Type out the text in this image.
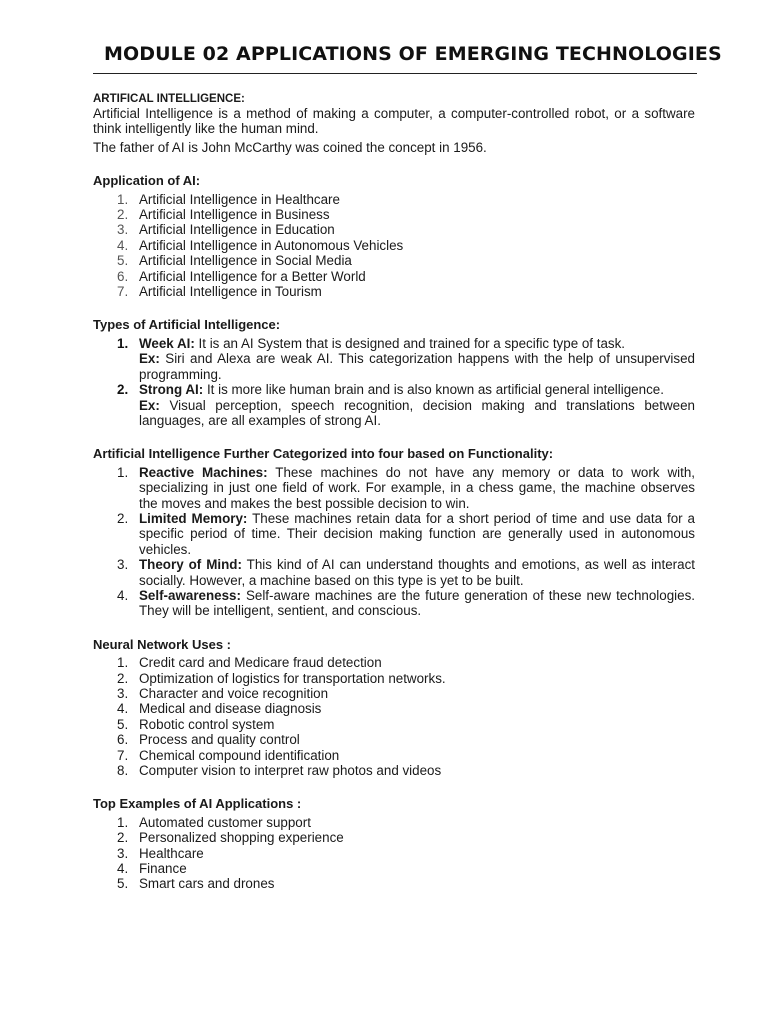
MODULE 02 APPLICATIONS OF EMERGING TECHNOLOGIES

ARTIFICAL INTELLIGENCE:

Artificial Intelligence is a method of making a computer, a computer-controlled robot, or a software think intelligently like the human mind.

The father of AI is John McCarthy was coined the concept in 1956.

Application of AI:

1. Artificial Intelligence in Healthcare
2. Artificial Intelligence in Business
3. Artificial Intelligence in Education
4. Artificial Intelligence in Autonomous Vehicles
5. Artificial Intelligence in Social Media
6. Artificial Intelligence for a Better World
7. Artificial Intelligence in Tourism

Types of Artificial Intelligence:

1. Week AI: It is an AI System that is designed and trained for a specific type of task.
Ex: Siri and Alexa are weak AI. This categorization happens with the help of unsupervised programming.
2. Strong AI: It is more like human brain and is also known as artificial general intelligence.
Ex: Visual perception, speech recognition, decision making and translations between languages, are all examples of strong AI.

Artificial Intelligence Further Categorized into four based on Functionality:

1. Reactive Machines: These machines do not have any memory or data to work with, specializing in just one field of work. For example, in a chess game, the machine observes the moves and makes the best possible decision to win.
2. Limited Memory: These machines retain data for a short period of time and use data for a specific period of time. Their decision making function are generally used in autonomous vehicles.
3. Theory of Mind: This kind of AI can understand thoughts and emotions, as well as interact socially. However, a machine based on this type is yet to be built.
4. Self-awareness: Self-aware machines are the future generation of these new technologies. They will be intelligent, sentient, and conscious.

Neural Network Uses :

1. Credit card and Medicare fraud detection
2. Optimization of logistics for transportation networks.
3. Character and voice recognition
4. Medical and disease diagnosis
5. Robotic control system
6. Process and quality control
7. Chemical compound identification
8. Computer vision to interpret raw photos and videos

Top Examples of AI Applications :

1. Automated customer support
2. Personalized shopping experience
3. Healthcare
4. Finance
5. Smart cars and drones
